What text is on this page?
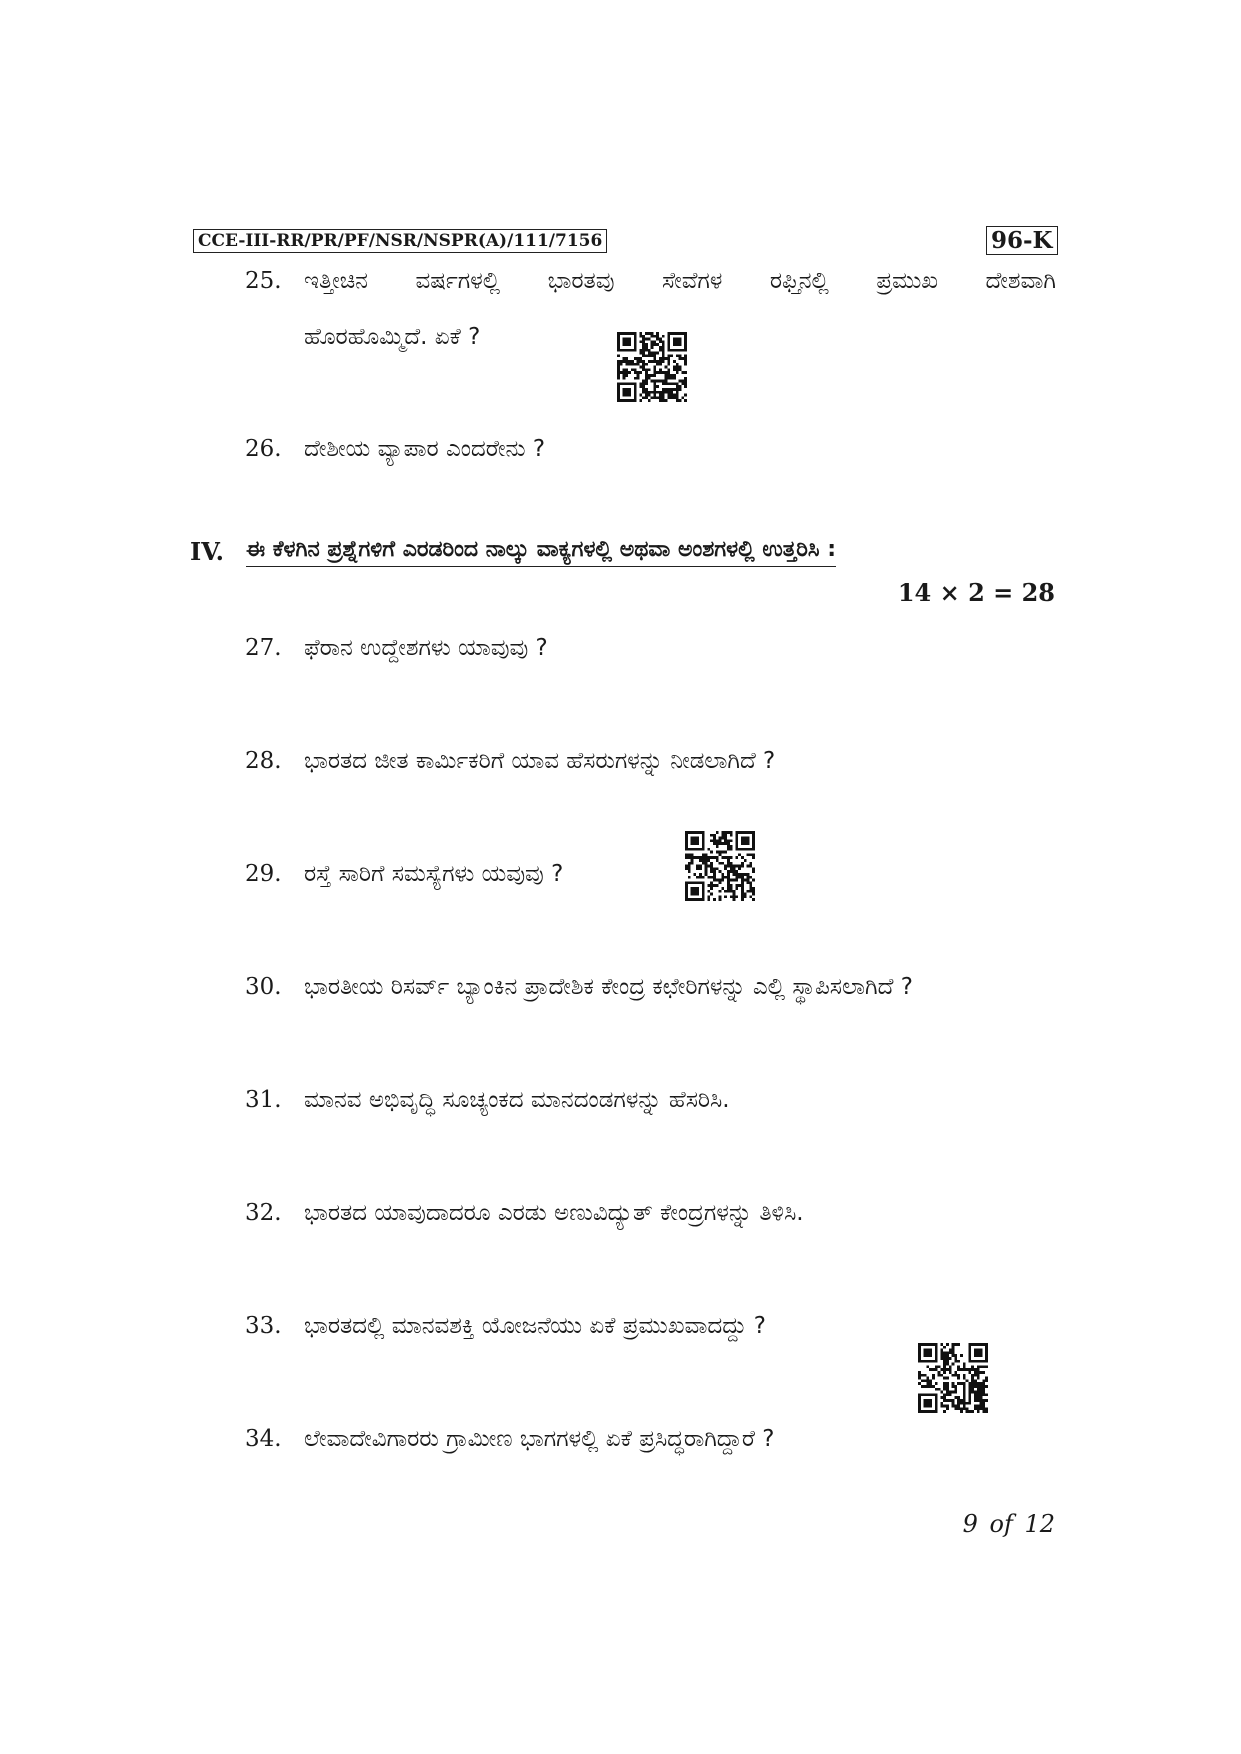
CCE-III-RR/PR/PF/NSR/NSPR(A)/111/7156	96-K
25. ಇತ್ತೀಚಿನ ವರ್ಷಗಳಲ್ಲಿ ಭಾರತವು ಸೇವೆಗಳ ರಫ್ತಿನಲ್ಲಿ ಪ್ರಮುಖ ದೇಶವಾಗಿ
ಹೊರಹೊಮ್ಮಿದೆ. ಏಕೆ ?
26. ದೇಶೀಯ ವ್ಯಾಪಾರ ಎಂದರೇನು ?
IV. ಈ ಕೆಳಗಿನ ಪ್ರಶ್ನೆಗಳಿಗೆ ಎರಡರಿಂದ ನಾಲ್ಕು ವಾಕ್ಯಗಳಲ್ಲಿ ಅಥವಾ ಅಂಶಗಳಲ್ಲಿ ಉತ್ತರಿಸಿ :
14 × 2 = 28
27. ಫೆರಾನ ಉದ್ದೇಶಗಳು ಯಾವುವು ?
28. ಭಾರತದ ಜೀತ ಕಾರ್ಮಿಕರಿಗೆ ಯಾವ ಹೆಸರುಗಳನ್ನು ನೀಡಲಾಗಿದೆ ?
29. ರಸ್ತೆ ಸಾರಿಗೆ ಸಮಸ್ಯೆಗಳು ಯವುವು ?
30. ಭಾರತೀಯ ರಿಸರ್ವ್ ಬ್ಯಾಂಕಿನ ಪ್ರಾದೇಶಿಕ ಕೇಂದ್ರ ಕಛೇರಿಗಳನ್ನು ಎಲ್ಲಿ ಸ್ಥಾಪಿಸಲಾಗಿದೆ ?
31. ಮಾನವ ಅಭಿವೃದ್ಧಿ ಸೂಚ್ಯಂಕದ ಮಾನದಂಡಗಳನ್ನು ಹೆಸರಿಸಿ.
32. ಭಾರತದ ಯಾವುದಾದರೂ ಎರಡು ಅಣುವಿದ್ಯುತ್ ಕೇಂದ್ರಗಳನ್ನು ತಿಳಿಸಿ.
33. ಭಾರತದಲ್ಲಿ ಮಾನವಶಕ್ತಿ ಯೋಜನೆಯು ಏಕೆ ಪ್ರಮುಖವಾದದ್ದು ?
34. ಲೇವಾದೇವಿಗಾರರು ಗ್ರಾಮೀಣ ಭಾಗಗಳಲ್ಲಿ ಏಕೆ ಪ್ರಸಿದ್ಧರಾಗಿದ್ದಾರೆ ?
9 of 12
